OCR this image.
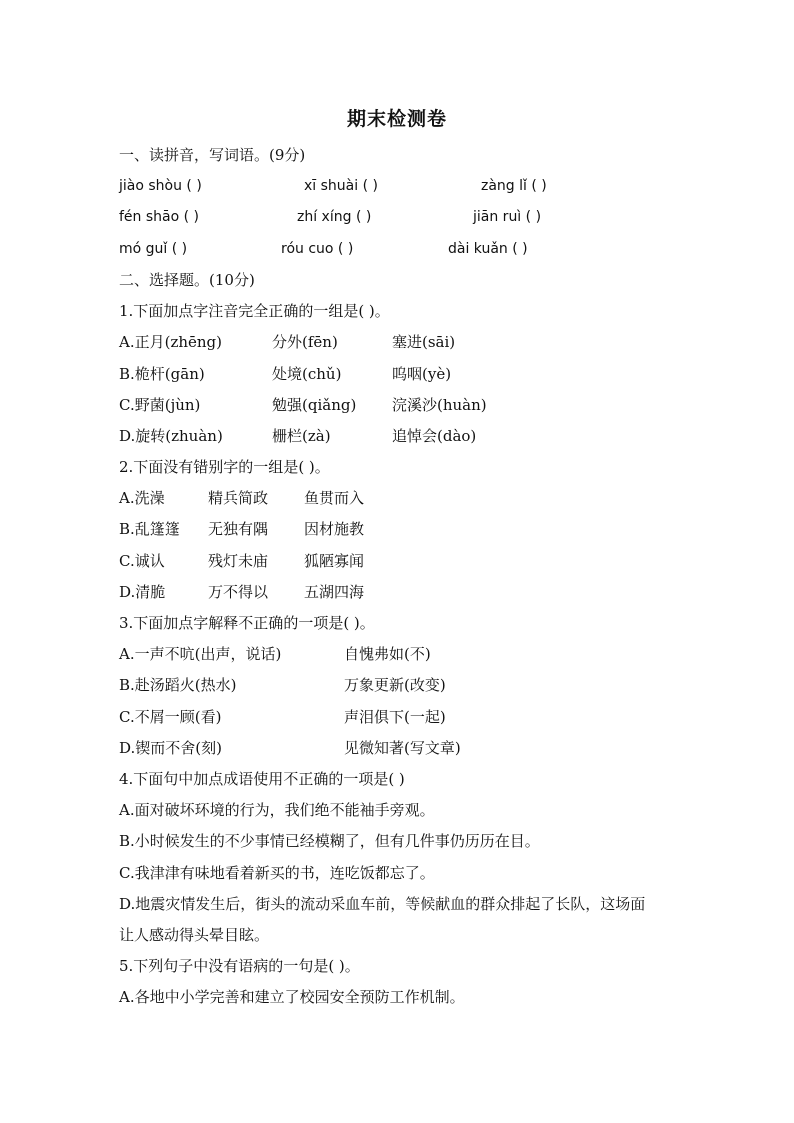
期末检测卷
一、读拼音，写词语。(9分)
jiào shòu ( )	xī shuài ( )	zàng lǐ ( )
fén shāo ( )	zhí xíng ( )	jiān ruì ( )
mó guǐ ( )	róu cuo ( )	dài kuǎn ( )
二、选择题。(10分)
1.下面加点字注音完全正确的一组是( )。
A.正月(zhēng)	分外(fēn)	塞进(sāi)
B.桅杆(gān)	处境(chǔ)	呜咽(yè)
C.野菌(jùn)	勉强(qiǎng) 浣溪沙(huàn)
D.旋转(zhuàn)	栅栏(zà)	追悼会(dào)
2.下面没有错别字的一组是( )。
A.洗澡	精兵简政 鱼贯而入
B.乱篷篷 无独有隅 因材施教
C.诚认	残灯未庙 狐陋寡闻
D.清脆	万不得以 五湖四海
3.下面加点字解释不正确的一项是( )。
A.一声不吭(出声，说话)	自愧弗如(不)
B.赴汤蹈火(热水)	万象更新(改变)
C.不屑一顾(看)	声泪俱下(一起)
D.锲而不舍(刻)	见微知著(写文章)
4.下面句中加点成语使用不正确的一项是( )
A.面对破坏环境的行为，我们绝不能袖手旁观。
B.小时候发生的不少事情已经模糊了，但有几件事仍历历在目。
C.我津津有味地看着新买的书，连吃饭都忘了。
D.地震灾情发生后，街头的流动采血车前，等候献血的群众排起了长队，这场面
让人感动得头晕目眩。
5.下列句子中没有语病的一句是( )。
A.各地中小学完善和建立了校园安全预防工作机制。
